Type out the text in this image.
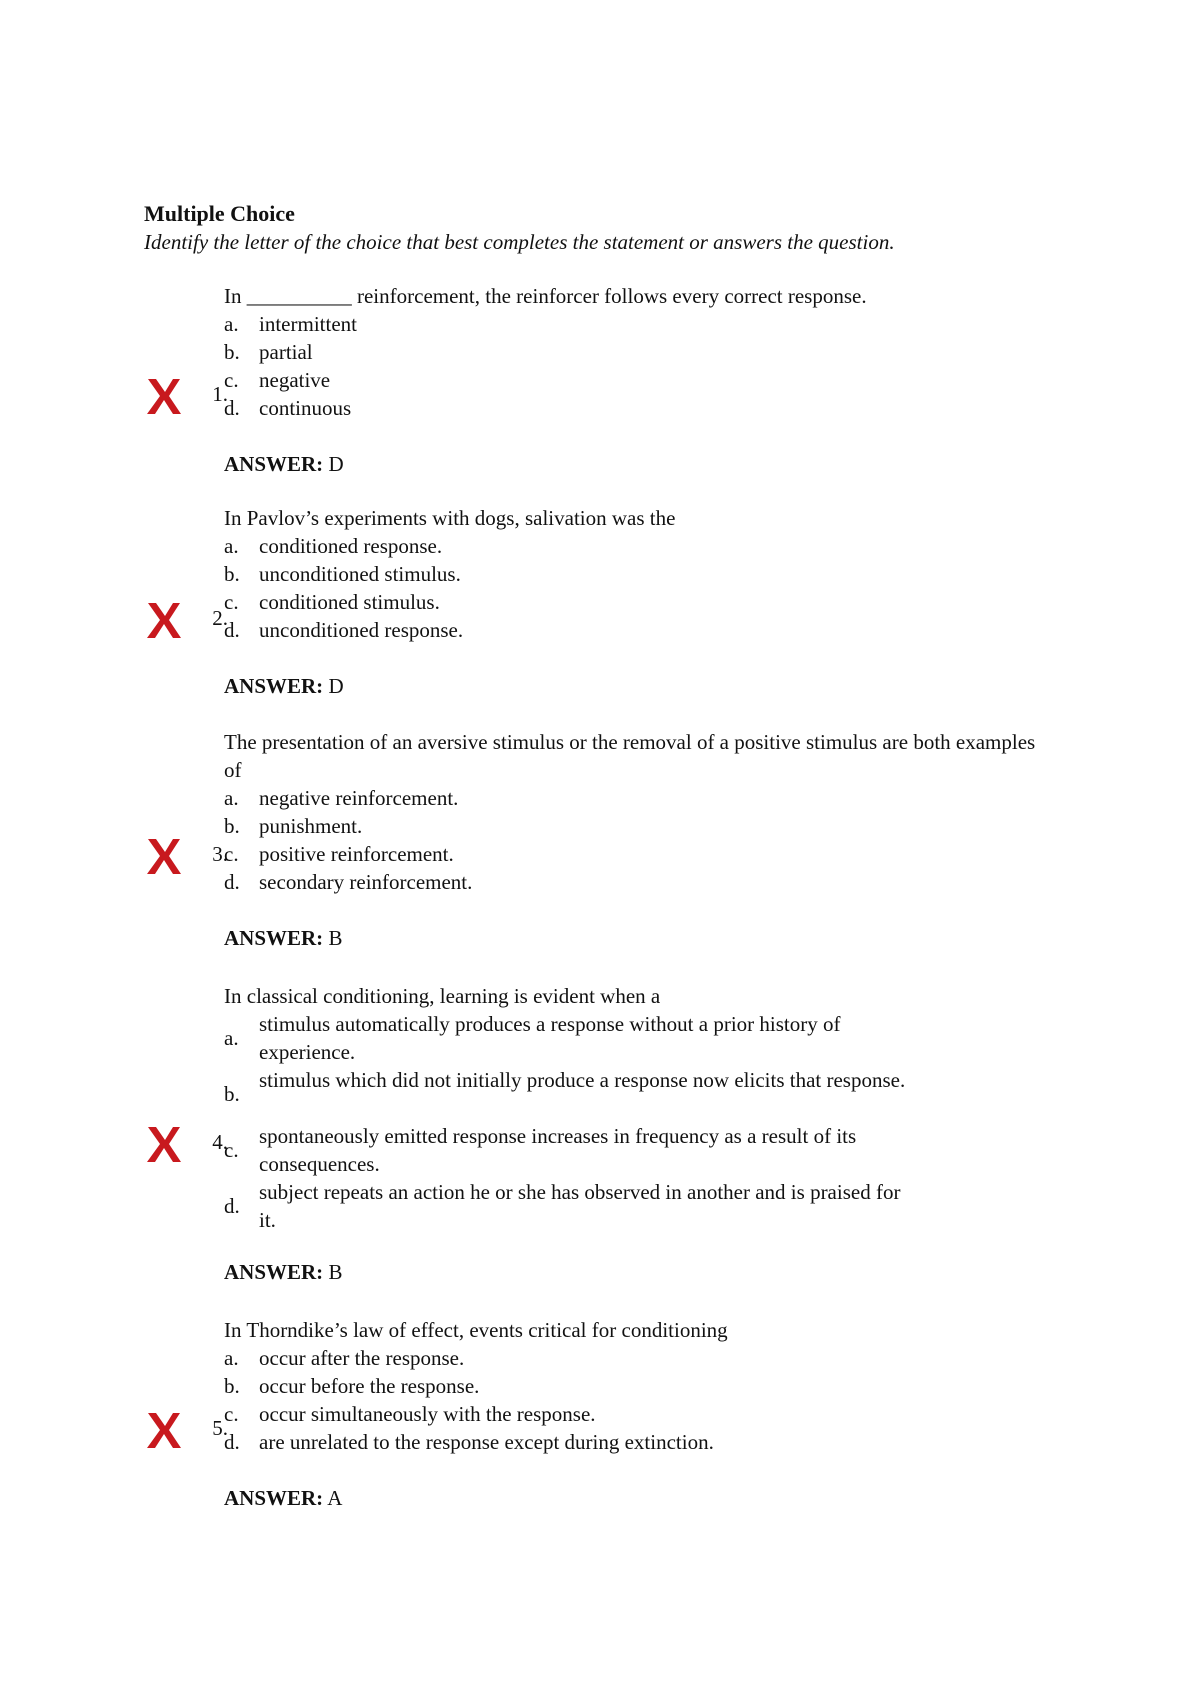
Multiple Choice
Identify the letter of the choice that best completes the statement or answers the question.
1.
In __________ reinforcement, the reinforcer follows every correct response.
a. intermittent
b. partial
c. negative
d. continuous
ANSWER: D
2.
In Pavlov’s experiments with dogs, salivation was the
a. conditioned response.
b. unconditioned stimulus.
c. conditioned stimulus.
d. unconditioned response.
ANSWER: D
3.
The presentation of an aversive stimulus or the removal of a positive stimulus are both examples of
a. negative reinforcement.
b. punishment.
c. positive reinforcement.
d. secondary reinforcement.
ANSWER: B
4.
In classical conditioning, learning is evident when a
a.
stimulus automatically produces a response without a prior history of experience.
b.
stimulus which did not initially produce a response now elicits that response.
c.
spontaneously emitted response increases in frequency as a result of its consequences.
d.
subject repeats an action he or she has observed in another and is praised for it.
ANSWER: B
5.
In Thorndike’s law of effect, events critical for conditioning
a. occur after the response.
b. occur before the response.
c. occur simultaneously with the response.
d. are unrelated to the response except during extinction.
ANSWER: A
